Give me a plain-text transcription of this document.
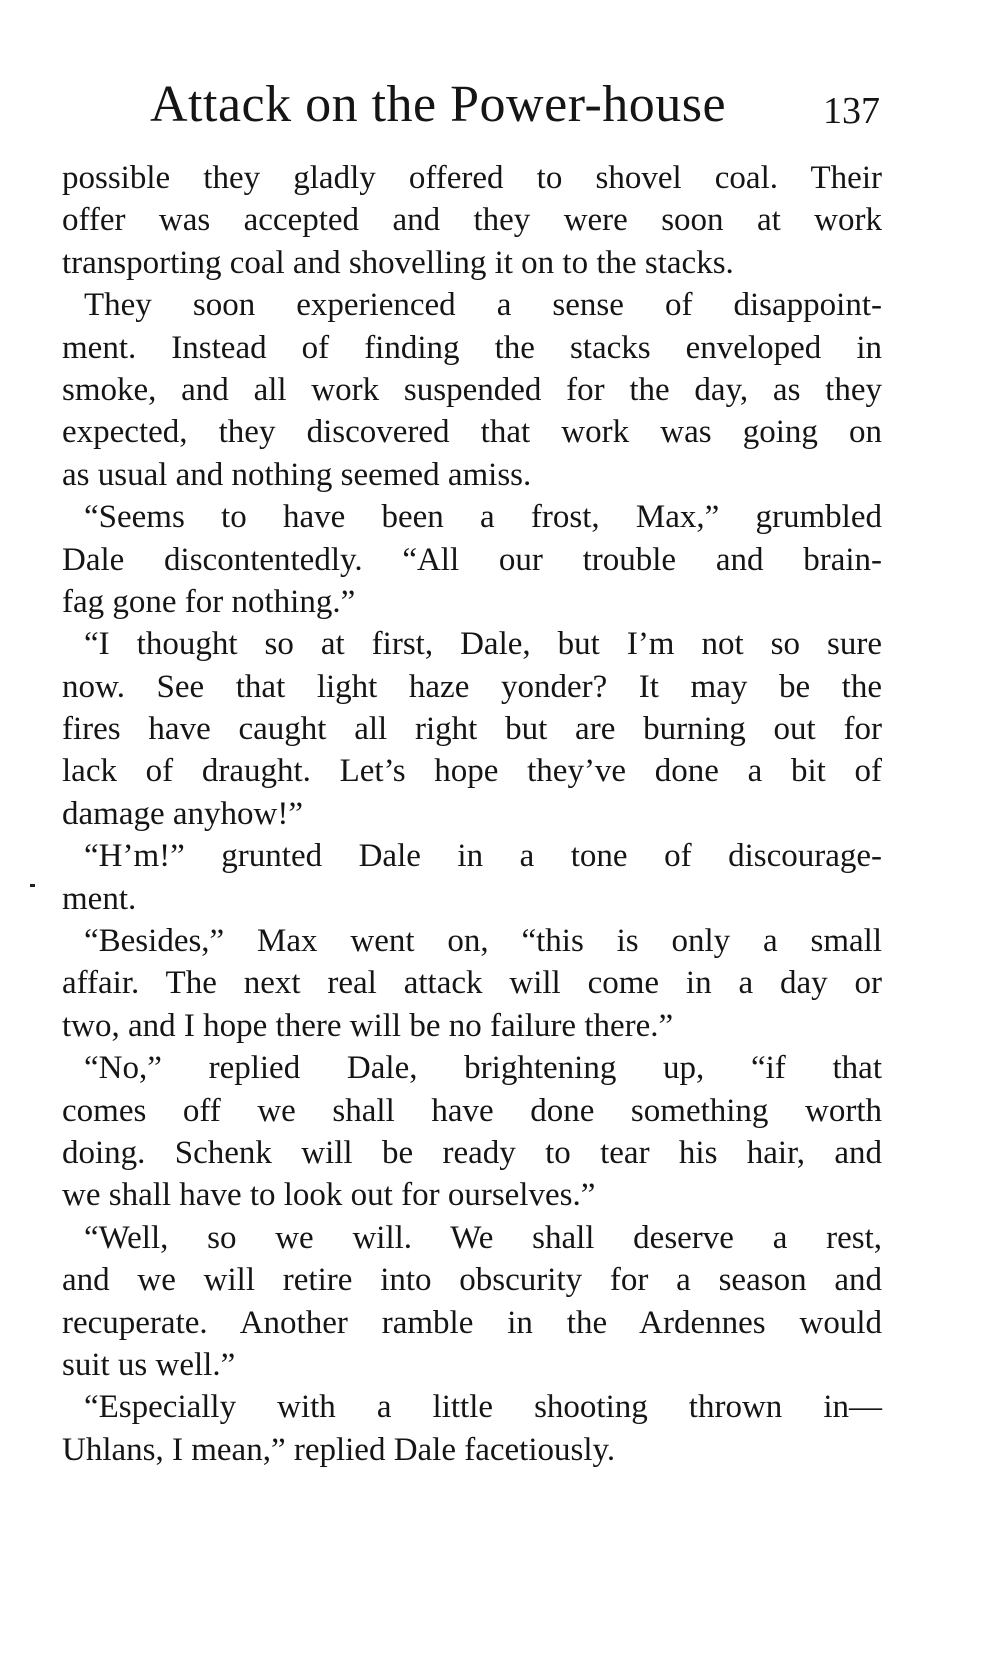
Attack on the Power-house	137
possible they gladly offered to shovel coal. Their
offer was accepted and they were soon at work
transporting coal and shovelling it on to the stacks.
They soon experienced a sense of disappoint-
ment. Instead of finding the stacks enveloped in
smoke, and all work suspended for the day, as they
expected, they discovered that work was going on
as usual and nothing seemed amiss.
“Seems to have been a frost, Max,” grumbled
Dale discontentedly. “All our trouble and brain-
fag gone for nothing.”
“I thought so at first, Dale, but I’m not so sure
now. See that light haze yonder? It may be the
fires have caught all right but are burning out for
lack of draught. Let’s hope they’ve done a bit of
damage anyhow!”
“H’m!” grunted Dale in a tone of discourage-
ment.
“Besides,” Max went on, “this is only a small
affair. The next real attack will come in a day or
two, and I hope there will be no failure there.”
“No,” replied Dale, brightening up, “if that
comes off we shall have done something worth
doing. Schenk will be ready to tear his hair, and
we shall have to look out for ourselves.”
“Well, so we will. We shall deserve a rest,
and we will retire into obscurity for a season and
recuperate. Another ramble in the Ardennes would
suit us well.”
“Especially with a little shooting thrown in—
Uhlans, I mean,” replied Dale facetiously.
